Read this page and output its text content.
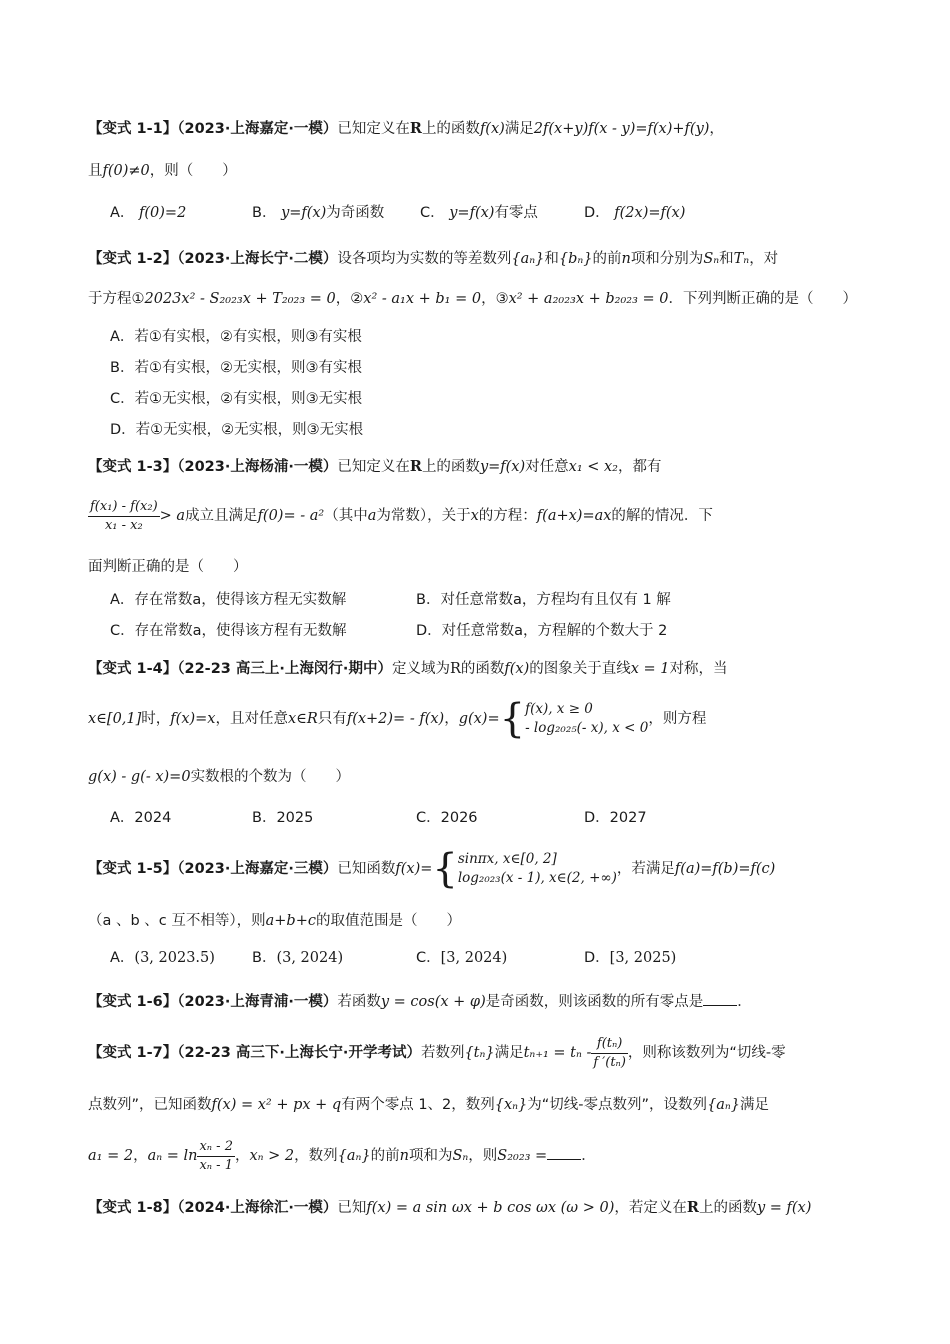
【变式 1-1】（2023·上海嘉定·一模）已知定义在R上的函数f(x)满足2f(x+y)f(x - y)=f(x)+f(y)，
且f(0)≠0，则（　　）
A． f(0)=2	B． y=f(x)为奇函数 C． y=f(x)有零点	D． f(2x)=f(x)
【变式 1-2】（2023·上海长宁·二模）设各项均为实数的等差数列{aₙ}和{bₙ}的前n项和分别为Sₙ和Tₙ，对
于方程①2023x² - S₂₀₂₃x + T₂₀₂₃ = 0，②x² - a₁x + b₁ = 0，③x² + a₂₀₂₃x + b₂₀₂₃ = 0．下列判断正确的是（　　）
A．若①有实根，②有实根，则③有实根
B．若①有实根，②无实根，则③有实根
C．若①无实根，②有实根，则③无实根
D．若①无实根，②无实根，则③无实根
【变式 1-3】（2023·上海杨浦·一模）已知定义在R上的函数y=f(x)对任意x₁ < x₂，都有
$\frac{\text{f(x₁) - f(x₂)}}{\text{x₁ - x₂}} > a$成立且满足f(0)= - a²（其中a为常数），关于x的方程：f(a+x)=ax的解的情况．下
面判断正确的是（　　）
A．存在常数a，使得该方程无实数解	B．对任意常数a，方程均有且仅有 1 解
C．存在常数a，使得该方程有无数解	D．对任意常数a，方程解的个数大于 2
【变式 1-4】（22-23 高三上·上海闵行·期中）定义域为R的函数f(x)的图象关于直线x = 1对称，当
x∈[0,1]时，f(x)=x，且对任意x∈R只有f(x+2)= - f(x)，g(x)={ f(x), x ≥ 0
- log₂₀₂₅(- x), x < 0
，则方程
g(x) - g(- x)=0实数根的个数为（　　）
A．2024	B．2025	C．2026	D．2027
【变式 1-5】（2023·上海嘉定·三模）已知函数f(x)={ sinπx, x∈[0, 2]
log₂₀₂₃(x - 1), x∈(2, +∞)
，若满足f(a)=f(b)=f(c)
（a 、b 、c 互不相等），则a+b+c的取值范围是（　　）
A．(3, 2023.5)	B．(3, 2024)	C．[3, 2024)	D．[3, 2025)
【变式 1-6】（2023·上海青浦·一模）若函数y = cos(x + φ)是奇函数，则该函数的所有零点是 ．
【变式 1-7】（22-23 高三下·上海长宁·开学考试）若数列{tₙ}满足$t_{n+1} = t_n - \frac{\text{f(tₙ)}}{\text{f ′(tₙ)}}$ ，则称该数列为“切线-零
点数列”，已知函数f(x) = x² + px + q有两个零点 1、2，数列{xₙ}为“切线-零点数列”，设数列{aₙ}满足
a₁ = 2，$a_n = \ln \frac{\text{xₙ - 2}}{\text{xₙ - 1}}$ ，xₙ > 2，数列{aₙ}的前n项和为Sₙ，则S₂₀₂₃ = ．
【变式 1-8】（2024·上海徐汇·一模）已知f(x) = a sin ωx + b cos ωx (ω > 0)，若定义在R上的函数y = f(x)
